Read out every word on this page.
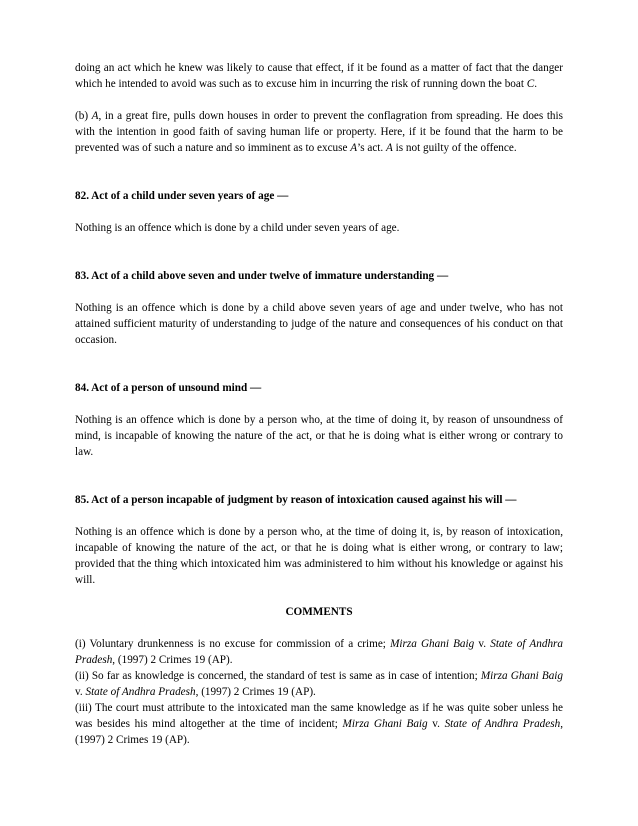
doing an act which he knew was likely to cause that effect, if it be found as a matter of fact that the danger which he intended to avoid was such as to excuse him in incurring the risk of running down the boat C.

(b) A, in a great fire, pulls down houses in order to prevent the conflagration from spreading. He does this with the intention in good faith of saving human life or property. Here, if it be found that the harm to be prevented was of such a nature and so imminent as to excuse A’s act. A is not guilty of the offence.

82. Act of a child under seven years of age —

Nothing is an offence which is done by a child under seven years of age.

83. Act of a child above seven and under twelve of immature understanding —

Nothing is an offence which is done by a child above seven years of age and under twelve, who has not attained sufficient maturity of understanding to judge of the nature and consequences of his conduct on that occasion.

84. Act of a person of unsound mind —

Nothing is an offence which is done by a person who, at the time of doing it, by reason of unsoundness of mind, is incapable of knowing the nature of the act, or that he is doing what is either wrong or contrary to law.

85. Act of a person incapable of judgment by reason of intoxication caused against his will —

Nothing is an offence which is done by a person who, at the time of doing it, is, by reason of intoxication, incapable of knowing the nature of the act, or that he is doing what is either wrong, or contrary to law; provided that the thing which intoxicated him was administered to him without his knowledge or against his will.

COMMENTS

(i) Voluntary drunkenness is no excuse for commission of a crime; Mirza Ghani Baig v. State of Andhra Pradesh, (1997) 2 Crimes 19 (AP).

(ii) So far as knowledge is concerned, the standard of test is same as in case of intention; Mirza Ghani Baig v. State of Andhra Pradesh, (1997) 2 Crimes 19 (AP).

(iii) The court must attribute to the intoxicated man the same knowledge as if he was quite sober unless he was besides his mind altogether at the time of incident; Mirza Ghani Baig v. State of Andhra Pradesh, (1997) 2 Crimes 19 (AP).
